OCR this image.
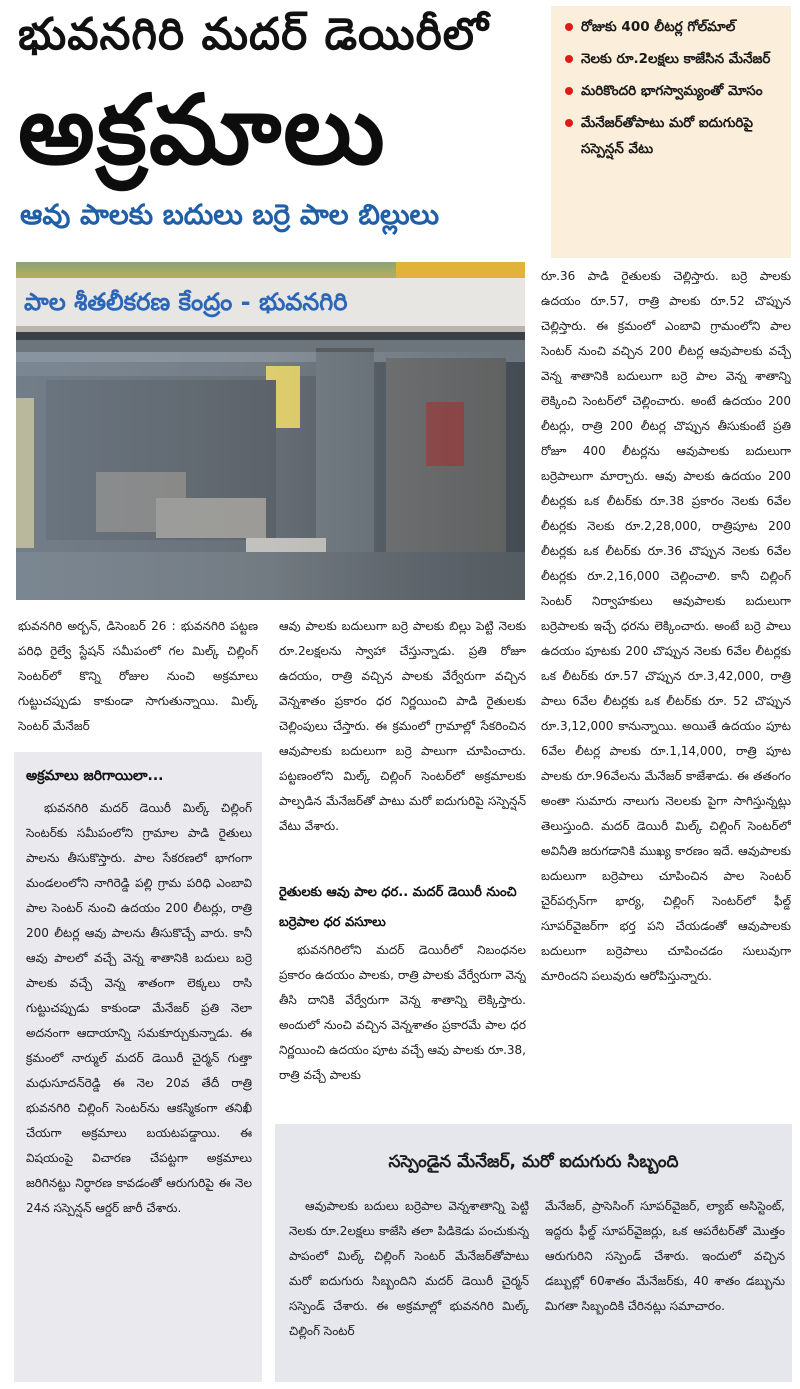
భువనగిరి మదర్ డెయిరీలో
అక్రమాలు
ఆవు పాలకు బదులు బర్రె పాల బిల్లులు
రోజుకు 400 లీటర్ల గోల్‌మాల్
నెలకు రూ.2లక్షలు కాజేసిన మేనేజర్
మరికొందరి భాగస్వామ్యంతో మోసం
మేనేజర్‌తోపాటు మరో ఐదుగురిపై సస్పెన్షన్ వేటు
పాల శీతలీకరణ కేంద్రం - భువనగిరి
భువనగిరి అర్బన్, డిసెంబర్ 26 : భువనగిరి పట్టణ పరిధి రైల్వే స్టేషన్ సమీపంలో గల మిల్క్ చిల్లింగ్ సెంటర్‌లో కొన్ని రోజుల నుంచి అక్రమాలు గుట్టుచప్పుడు కాకుండా సాగుతున్నాయి. మిల్క్ సెంటర్ మేనేజర్
అక్రమాలు జరిగాయిలా...
భువనగిరి మదర్ డెయిరీ మిల్క్ చిల్లింగ్ సెంటర్‌కు సమీపంలోని గ్రామాల పాడి రైతులు పాలను తీసుకొస్తారు. పాల సేకరణలో భాగంగా మండలంలోని నాగిరెడ్డి పల్లి గ్రామ పరిధి ఎంబావి పాల సెంటర్ నుంచి ఉదయం 200 లీటర్లు, రాత్రి 200 లీటర్ల ఆవు పాలను తీసుకొచ్చే వారు. కానీ ఆవు పాలలో వచ్చే వెన్న శాతానికి బదులు బర్రె పాలకు వచ్చే వెన్న శాతంగా లెక్కలు రాసి గుట్టుచప్పుడు కాకుండా మేనేజర్ ప్రతి నెలా అదనంగా ఆదాయాన్ని సమకూర్చుకున్నాడు. ఈ క్రమంలో నార్ముల్ మదర్ డెయిరీ చైర్మన్ గుత్తా మధుసూదన్‌రెడ్డి ఈ నెల 20వ తేదీ రాత్రి భువనగిరి చిల్లింగ్ సెంటర్‌ను ఆకస్మికంగా తనిఖీ చేయగా అక్రమాలు బయటపడ్డాయి. ఈ విషయంపై విచారణ చేపట్టగా అక్రమాలు జరిగినట్టు నిర్ధారణ కావడంతో ఆరుగురిపై ఈ నెల 24న సస్పెన్షన్ ఆర్డర్ జారీ చేశారు.
ఆవు పాలకు బదులుగా బర్రె పాలకు బిల్లు పెట్టి నెలకు రూ.2లక్షలను స్వాహా చేస్తున్నాడు. ప్రతి రోజూ ఉదయం, రాత్రి వచ్చిన పాలకు వేర్వేరుగా వచ్చిన వెన్నశాతం ప్రకారం ధర నిర్ణయించి పాడి రైతులకు చెల్లింపులు చేస్తారు. ఈ క్రమంలో గ్రామాల్లో సేకరించిన ఆవుపాలకు బదులుగా బర్రె పాలుగా చూపించారు. పట్టణంలోని మిల్క్ చిల్లింగ్ సెంటర్‌లో అక్రమాలకు పాల్పడిన మేనేజర్‌తో పాటు మరో ఐదుగురిపై సస్పెన్షన్ వేటు వేశారు.
రైతులకు ఆవు పాల ధర.. మదర్ డెయిరీ నుంచి బర్రెపాల ధర వసూలు
భువనగిరిలోని మదర్ డెయిరీలో నిబంధనల ప్రకారం ఉదయం పాలకు, రాత్రి పాలకు వేర్వేరుగా వెన్న తీసి దానికి వేర్వేరుగా వెన్న శాతాన్ని లెక్కిస్తారు. అందులో నుంచి వచ్చిన వెన్నశాతం ప్రకారమే పాల ధర నిర్ణయించి ఉదయం పూట వచ్చే ఆవు పాలకు రూ.38, రాత్రి వచ్చే పాలకు
రూ.36 పాడి రైతులకు చెల్లిస్తారు. బర్రె పాలకు ఉదయం రూ.57, రాత్రి పాలకు రూ.52 చొప్పున చెల్లిస్తారు. ఈ క్రమంలో ఎంబావి గ్రామంలోని పాల సెంటర్ నుంచి వచ్చిన 200 లీటర్ల ఆవుపాలకు వచ్చే వెన్న శాతానికి బదులుగా బర్రె పాల వెన్న శాతాన్ని లెక్కించి సెంటర్‌లో చెల్లించారు. అంటే ఉదయం 200 లీటర్లు, రాత్రి 200 లీటర్ల చొప్పున తీసుకుంటే ప్రతి రోజూ 400 లీటర్లను ఆవుపాలకు బదులుగా బర్రెపాలుగా మార్చారు. ఆవు పాలకు ఉదయం 200 లీటర్లకు ఒక లీటర్‌కు రూ.38 ప్రకారం నెలకు 6వేల లీటర్లకు నెలకు రూ.2,28,000, రాత్రిపూట 200 లీటర్లకు ఒక లీటర్‌కు రూ.36 చొప్పున నెలకు 6వేల లీటర్లకు రూ.2,16,000 చెల్లించాలి. కానీ చిల్లింగ్ సెంటర్ నిర్వాహకులు ఆవుపాలకు బదులుగా బర్రెపాలకు ఇచ్చే ధరను లెక్కించారు. అంటే బర్రె పాలు ఉదయం పూటకు 200 చొప్పున నెలకు 6వేల లీటర్లకు ఒక లీటర్‌కు రూ.57 చొప్పున రూ.3,42,000, రాత్రి పాలు 6వేల లీటర్లకు ఒక లీటర్‌కు రూ. 52 చొప్పున రూ.3,12,000 కానున్నాయి. అయితే ఉదయం పూట 6వేల లీటర్ల పాలకు రూ.1,14,000, రాత్రి పూట పాలకు రూ.96వేలను మేనేజర్ కాజేశాడు. ఈ తతంగం అంతా సుమారు నాలుగు నెలలకు పైగా సాగిస్తున్నట్లు తెలుస్తుంది. మదర్ డెయిరీ మిల్క్ చిల్లింగ్ సెంటర్‌లో అవినీతి జరుగడానికి ముఖ్య కారణం ఇదే. ఆవుపాలకు బదులుగా బర్రెపాలు చూపించిన పాల సెంటర్ చైర్‌పర్సన్‌గా భార్య, చిల్లింగ్ సెంటర్‌లో ఫీల్డ్ సూపర్‌వైజర్‌గా భర్త పని చేయడంతో ఆవుపాలకు బదులుగా బర్రెపాలు చూపించడం సులువుగా మారిందని పలువురు ఆరోపిస్తున్నారు.
సస్పెండైన మేనేజర్, మరో ఐదుగురు సిబ్బంది
ఆవుపాలకు బదులు బర్రెపాల వెన్నశాతాన్ని పెట్టి నెలకు రూ.2లక్షలు కాజేసి తలా పిడికెడు పంచుకున్న పాపంలో మిల్క్ చిల్లింగ్ సెంటర్ మేనేజర్‌తోపాటు మరో ఐదుగురు సిబ్బందిని మదర్ డెయిరీ చైర్మన్ సస్పెండ్ చేశారు. ఈ అక్రమాల్లో భువనగిరి మిల్క్ చిల్లింగ్ సెంటర్
మేనేజర్, ప్రాసెసింగ్ సూపర్‌వైజర్, ల్యాబ్ అసిస్టెంట్, ఇద్దరు ఫీల్డ్ సూపర్‌వైజర్లు, ఒక ఆపరేటర్‌తో మొత్తం ఆరుగురిని సస్పెండ్ చేశారు. ఇందులో వచ్చిన డబ్బుల్లో 60శాతం మేనేజర్‌కు, 40 శాతం డబ్బును మిగతా సిబ్బందికి చేరినట్లు సమాచారం.
